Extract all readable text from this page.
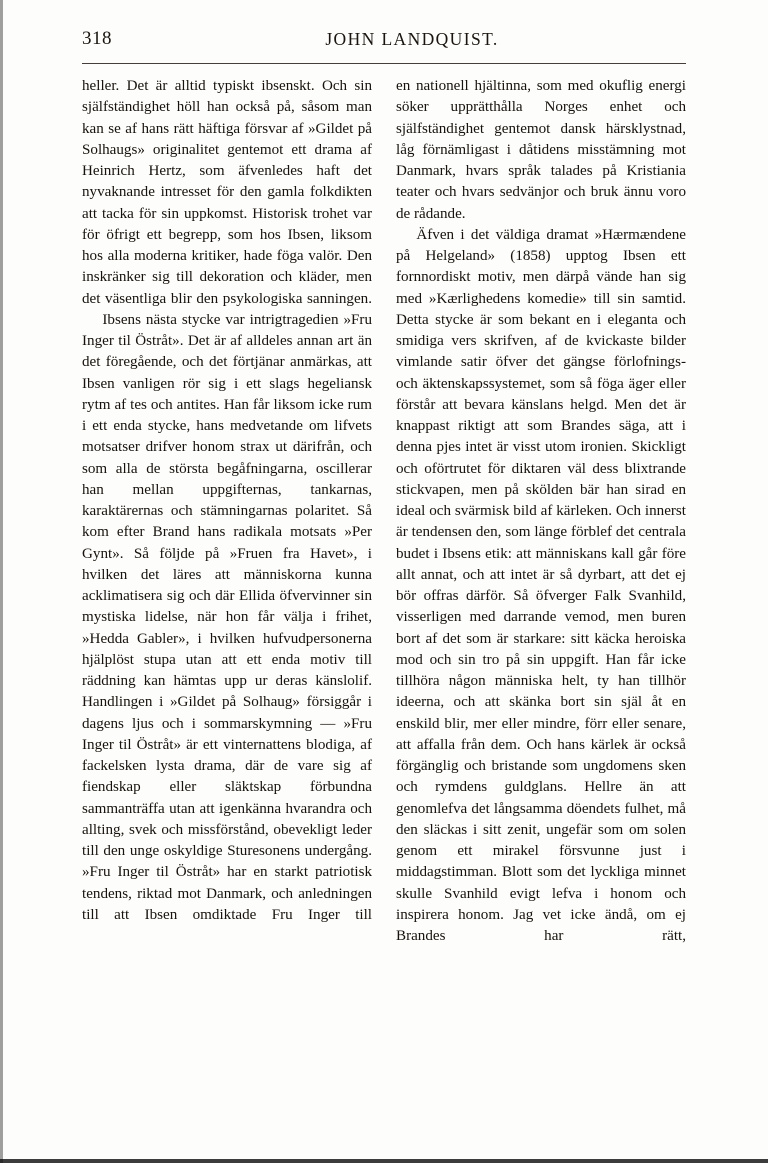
318	JOHN LANDQUIST.

heller. Det är alltid typiskt ibsenskt. Och sin själfständighet höll han också på, såsom man kan se af hans rätt häftiga försvar af »Gildet på Solhaugs» originalitet gentemot ett drama af Heinrich Hertz, som äfvenledes haft det nyvaknande intresset för den gamla folkdikten att tacka för sin uppkomst. Historisk trohet var för öfrigt ett begrepp, som hos Ibsen, liksom hos alla moderna kritiker, hade föga valör. Den inskränker sig till dekoration och kläder, men det väsentliga blir den psykologiska sanningen.

Ibsens nästa stycke var intrigtragedien »Fru Inger til Östråt». Det är af alldeles annan art än det föregående, och det förtjänar anmärkas, att Ibsen vanligen rör sig i ett slags hegeliansk rytm af tes och antites. Han får liksom icke rum i ett enda stycke, hans medvetande om lifvets motsatser drifver honom strax ut därifrån, och som alla de största begåfningarna, oscillerar han mellan uppgifternas, tankarnas, karaktärernas och stämningarnas polaritet. Så kom efter Brand hans radikala motsats »Per Gynt». Så följde på »Fruen fra Havet», i hvilken det läres att människorna kunna acklimatisera sig och där Ellida öfvervinner sin mystiska lidelse, när hon får välja i frihet, »Hedda Gabler», i hvilken hufvudpersonerna hjälplöst stupa utan att ett enda motiv till räddning kan hämtas upp ur deras känslolif. Handlingen i »Gildet på Solhaug» försiggår i dagens ljus och i sommarskymning — »Fru Inger til Östråt» är ett vinternattens blodiga, af fackelsken lysta drama, där de vare sig af fiendskap eller släktskap förbundna sammanträffa utan att igenkänna hvarandra och allting, svek och missförstånd, obevekligt leder till den unge oskyldige Sturesonens undergång. »Fru Inger til Östråt» har en starkt patriotisk tendens, riktad mot Danmark, och anledningen till att Ibsen omdiktade Fru Inger till

en nationell hjältinna, som med okuflig energi söker upprätthålla Norges enhet och själfständighet gentemot dansk härsklystnad, låg förnämligast i dåtidens misstämning mot Danmark, hvars språk talades på Kristiania teater och hvars sedvänjor och bruk ännu voro de rådande.

Äfven i det väldiga dramat »Hærmændene på Helgeland» (1858) upptog Ibsen ett fornnordiskt motiv, men därpå vände han sig med »Kærlighedens komedie» till sin samtid. Detta stycke är som bekant en i eleganta och smidiga vers skrifven, af de kvickaste bilder vimlande satir öfver det gängse förlofnings- och äktenskapssystemet, som så föga äger eller förstår att bevara känslans helgd. Men det är knappast riktigt att som Brandes säga, att i denna pjes intet är visst utom ironien. Skickligt och oförtrutet för diktaren väl dess blixtrande stickvapen, men på skölden bär han sirad en ideal och svärmisk bild af kärleken. Och innerst är tendensen den, som länge förblef det centrala budet i Ibsens etik: att människans kall går före allt annat, och att intet är så dyrbart, att det ej bör offras därför. Så öfverger Falk Svanhild, visserligen med darrande vemod, men buren bort af det som är starkare: sitt käcka heroiska mod och sin tro på sin uppgift. Han får icke tillhöra någon människa helt, ty han tillhör ideerna, och att skänka bort sin själ åt en enskild blir, mer eller mindre, förr eller senare, att affalla från dem. Och hans kärlek är också förgänglig och bristande som ungdomens sken och rymdens guldglans. Hellre än att genomlefva det långsamma döendets fulhet, må den släckas i sitt zenit, ungefär som om solen genom ett mirakel försvunne just i middagstimman. Blott som det lyckliga minnet skulle Svanhild evigt lefva i honom och inspirera honom. Jag vet icke ändå, om ej Brandes har rätt,
